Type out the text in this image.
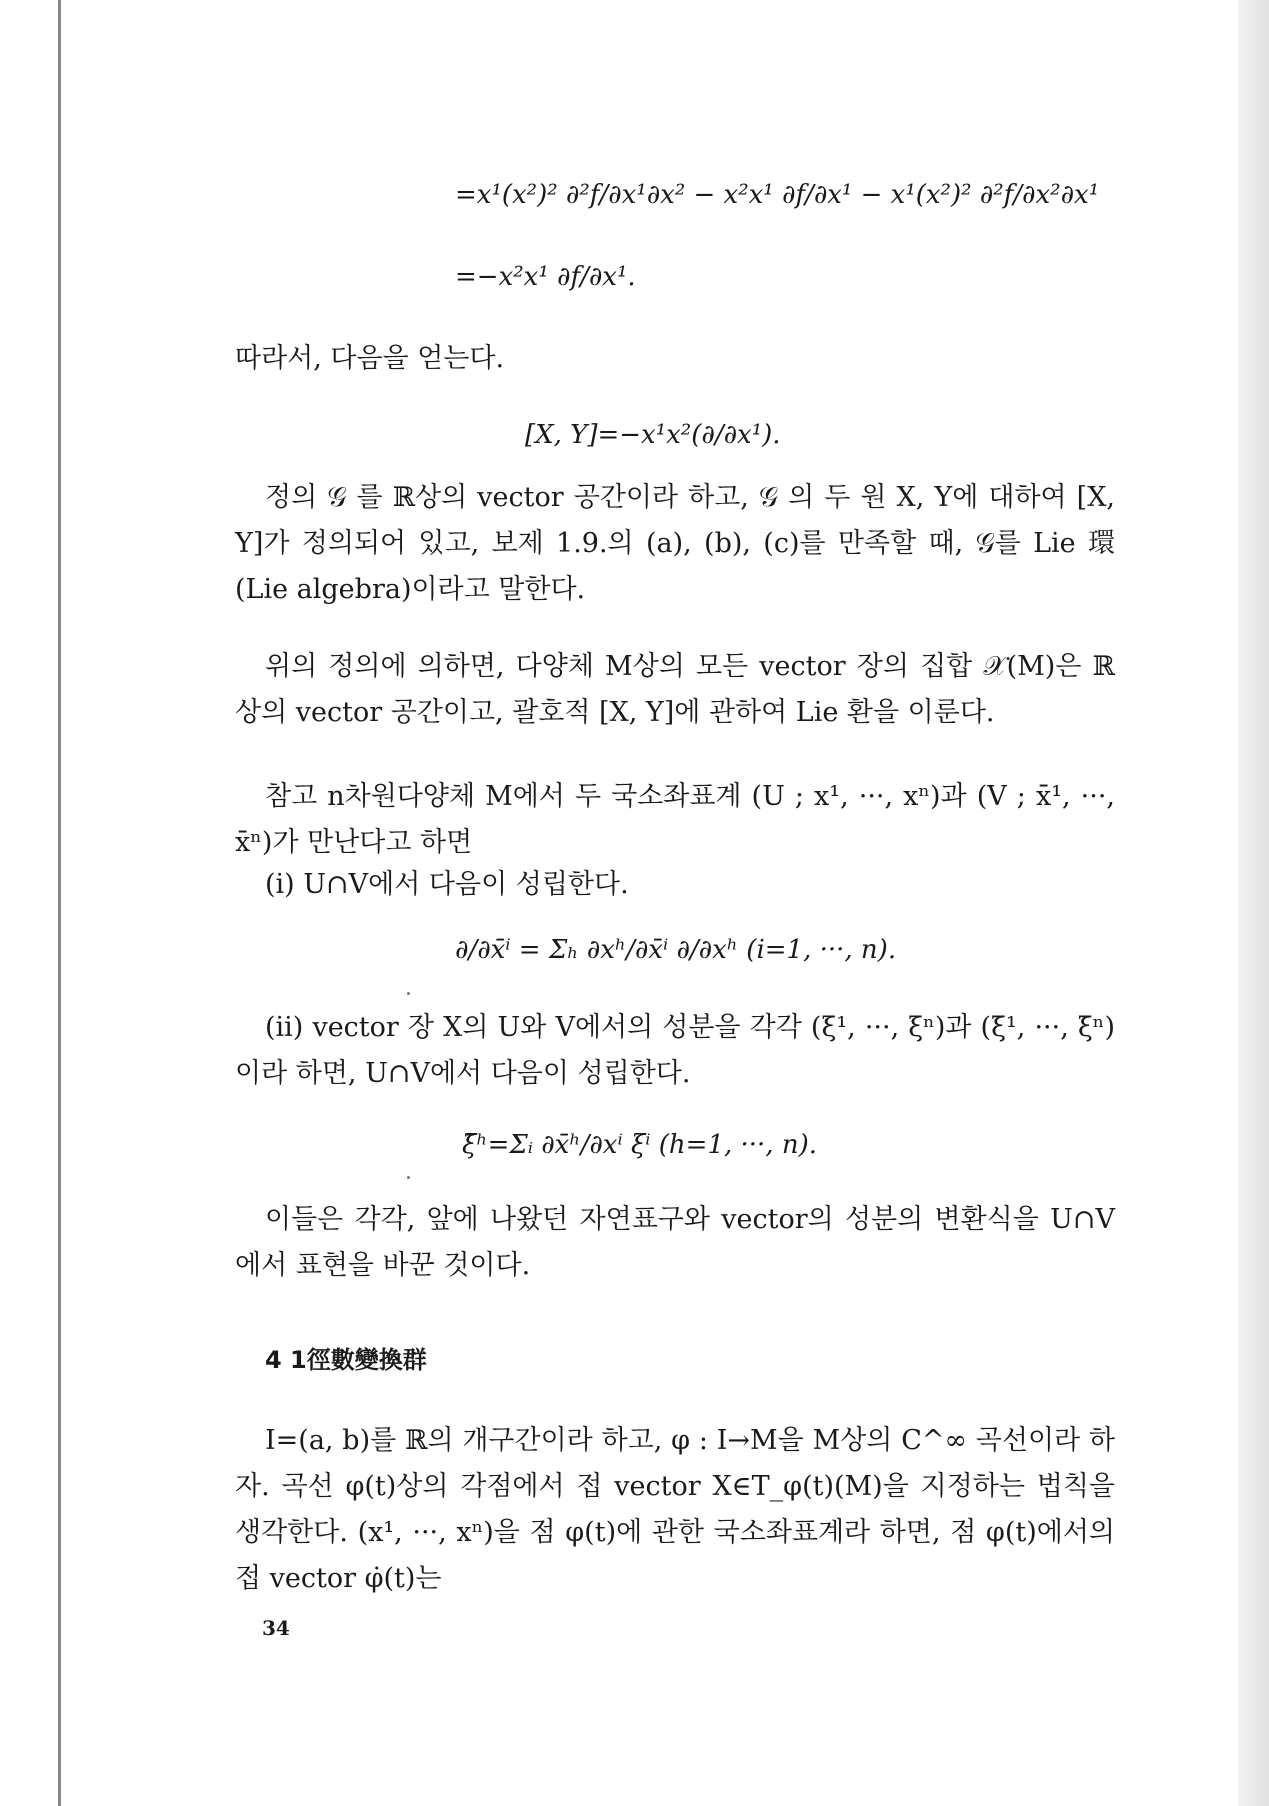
=x¹(x²)² ∂²f/∂x¹∂x² − x²x¹ ∂f/∂x¹ − x¹(x²)² ∂²f/∂x²∂x¹
=−x²x¹ ∂f/∂x¹.
따라서, 다음을 얻는다.
[X, Y]=−x¹x²(∂/∂x¹).
정의 𝒢 를 ℝ상의 vector 공간이라 하고, 𝒢 의 두 원 X, Y에 대하여 [X, Y]가 정의되어 있고, 보제 1.9.의 (a), (b), (c)를 만족할 때, 𝒢를 Lie 環(Lie algebra)이라고 말한다.
위의 정의에 의하면, 다양체 M상의 모든 vector 장의 집합 𝒳(M)은 ℝ상의 vector 공간이고, 괄호적 [X, Y]에 관하여 Lie 환을 이룬다.
참고 n차원다양체 M에서 두 국소좌표계 (U ; x¹, ···, xⁿ)과 (V ; x̄¹, ···, x̄ⁿ)가 만난다고 하면
(i) U∩V에서 다음이 성립한다.
∂/∂x̄ⁱ = Σₕ ∂xʰ/∂x̄ⁱ ∂/∂xʰ (i=1, ···, n).
(ii) vector 장 X의 U와 V에서의 성분을 각각 (ξ¹, ···, ξⁿ)과 (ξ̄¹, ···, ξ̄ⁿ)이라 하면, U∩V에서 다음이 성립한다.
ξ̄ʰ=Σᵢ ∂x̄ʰ/∂xⁱ ξⁱ (h=1, ···, n).
이들은 각각, 앞에 나왔던 자연표구와 vector의 성분의 변환식을 U∩V에서 표현을 바꾼 것이다.
4 1徑數變換群
I=(a, b)를 ℝ의 개구간이라 하고, φ : I→M을 M상의 C^∞ 곡선이라 하자. 곡선 φ(t)상의 각점에서 접 vector X∈T_φ(t)(M)을 지정하는 법칙을 생각한다. (x¹, ···, xⁿ)을 점 φ(t)에 관한 국소좌표계라 하면, 점 φ(t)에서의 접 vector φ̇(t)는
34
